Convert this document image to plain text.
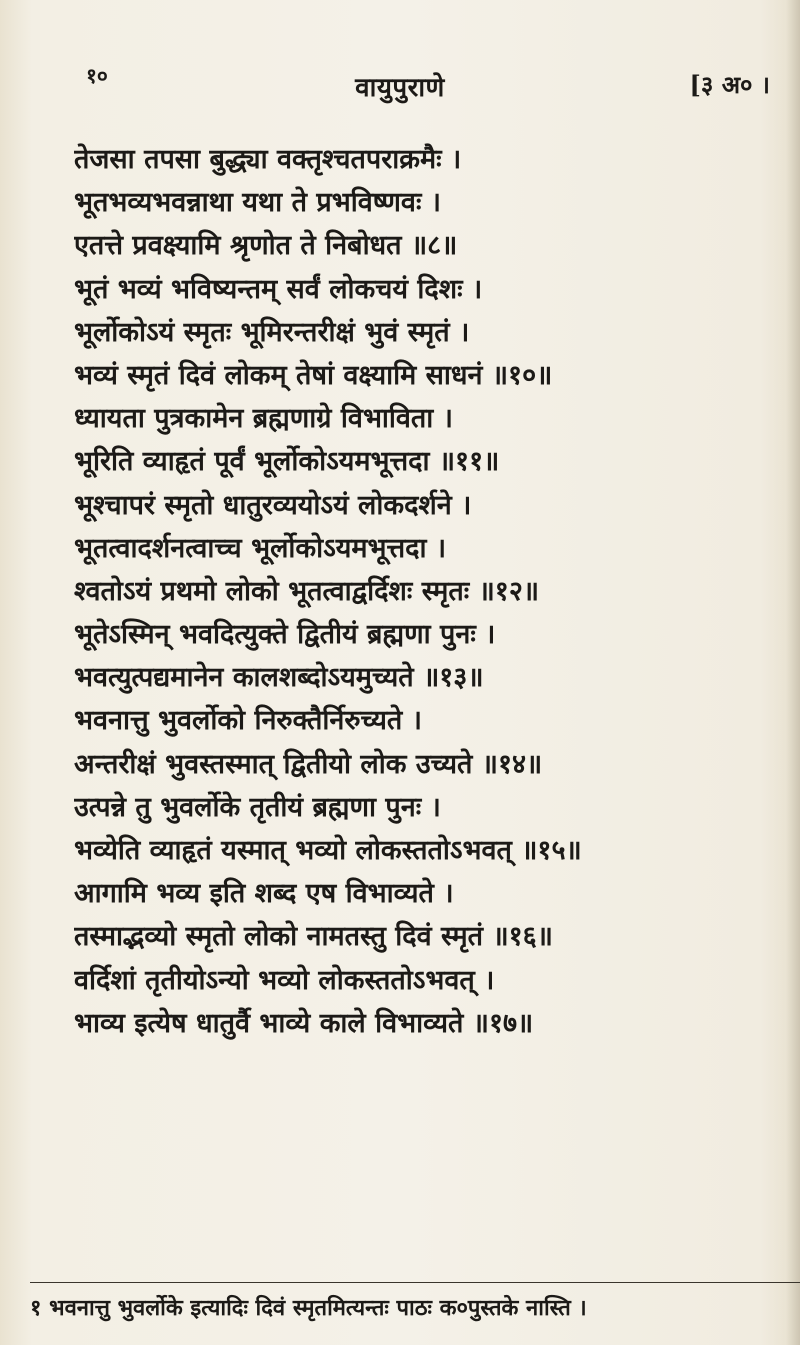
१०	वायुपुराणे	[३ अ० ।
तेजसा तपसा बुद्ध्या वक्तृश्चतपराक्रमैः ।
भूतभव्यभवन्नाथा यथा ते प्रभविष्णवः ।
एतत्ते प्रवक्ष्यामि श्रृणोत ते निबोधत ॥८॥
भूतं भव्यं भविष्यन्तम् सर्वं लोकचयं दिशः ।
भूर्लोकोऽयं स्मृतः भूमिरन्तरीक्षं भुवं स्मृतं ।
भव्यं स्मृतं दिवं लोकम् तेषां वक्ष्यामि साधनं ॥१०॥
ध्यायता पुत्रकामेन ब्रह्मणाग्रे विभाविता ।
भूरिति व्याहृतं पूर्वं भूर्लोकोऽयमभूत्तदा ॥११॥
भूश्चापरं स्मृतो धातुरव्ययोऽयं लोकदर्शने ।
भूतत्वादर्शनत्वाच्च भूर्लोकोऽयमभूत्तदा ।
श्वतोऽयं प्रथमो लोको भूतत्वाद्वर्दिशः स्मृतः ॥१२॥
भूतेऽस्मिन् भवदित्युक्ते द्वितीयं ब्रह्मणा पुनः ।
भवत्युत्पद्यमानेन कालशब्दोऽयमुच्यते ॥१३॥
भवनात्तु भुवर्लोको निरुक्तैर्निरुच्यते ।
अन्तरीक्षं भुवस्तस्मात् द्वितीयो लोक उच्यते ॥१४॥
उत्पन्ने तु भुवर्लोके तृतीयं ब्रह्मणा पुनः ।
भव्येति व्याहृतं यस्मात् भव्यो लोकस्ततोऽभवत् ॥१५॥
आगामि भव्य इति शब्द एष विभाव्यते ।
तस्माद्भव्यो स्मृतो लोको नामतस्तु दिवं स्मृतं ॥१६॥
वर्दिशां तृतीयोऽन्यो भव्यो लोकस्ततोऽभवत् ।
भाव्य इत्येष धातुर्वै भाव्ये काले विभाव्यते ॥१७॥
१ भवनात्तु भुवर्लोके इत्यादिः दिवं स्मृतमित्यन्तः पाठः क०पुस्तके नास्ति ।
